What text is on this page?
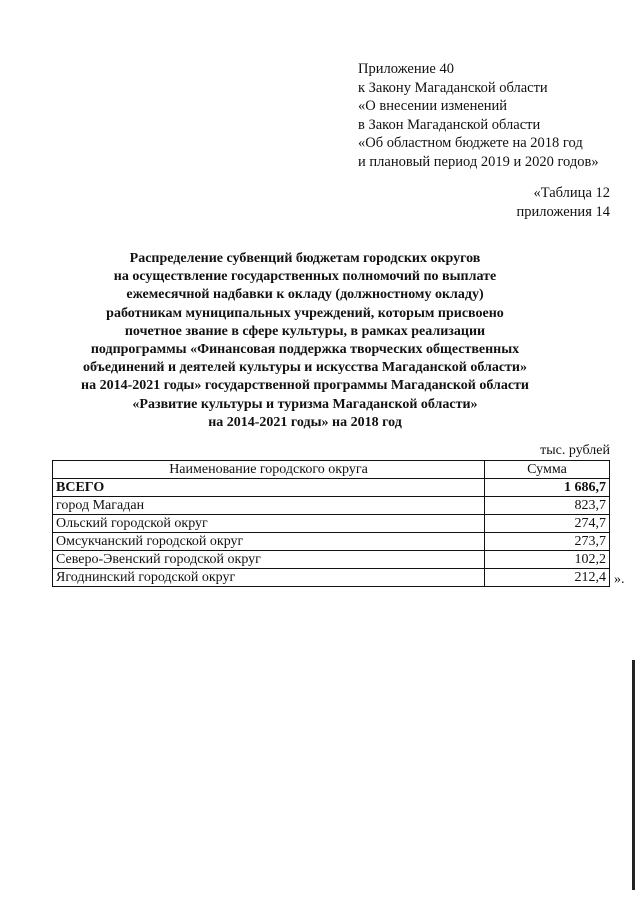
Приложение 40
к Закону Магаданской области
«О внесении изменений
в Закон Магаданской области
«Об областном бюджете на 2018 год
и плановый период 2019 и 2020 годов»
«Таблица 12
приложения 14
Распределение субвенций бюджетам городских округов
на осуществление государственных полномочий по выплате
ежемесячной надбавки к окладу (должностному окладу)
работникам муниципальных учреждений, которым присвоено
почетное звание в сфере культуры, в рамках реализации
подпрограммы «Финансовая поддержка творческих общественных
объединений и деятелей культуры и искусства Магаданской области»
на 2014-2021 годы» государственной программы Магаданской области
«Развитие культуры и туризма Магаданской области»
на 2014-2021 годы» на 2018 год
тыс. рублей
Наименование городского округа	Сумма
ВСЕГО	1 686,7
город Магадан	823,7
Ольский городской округ	274,7
Омсукчанский городской округ	273,7
Северо-Эвенский городской округ	102,2
Ягоднинский городской округ	212,4 ».
